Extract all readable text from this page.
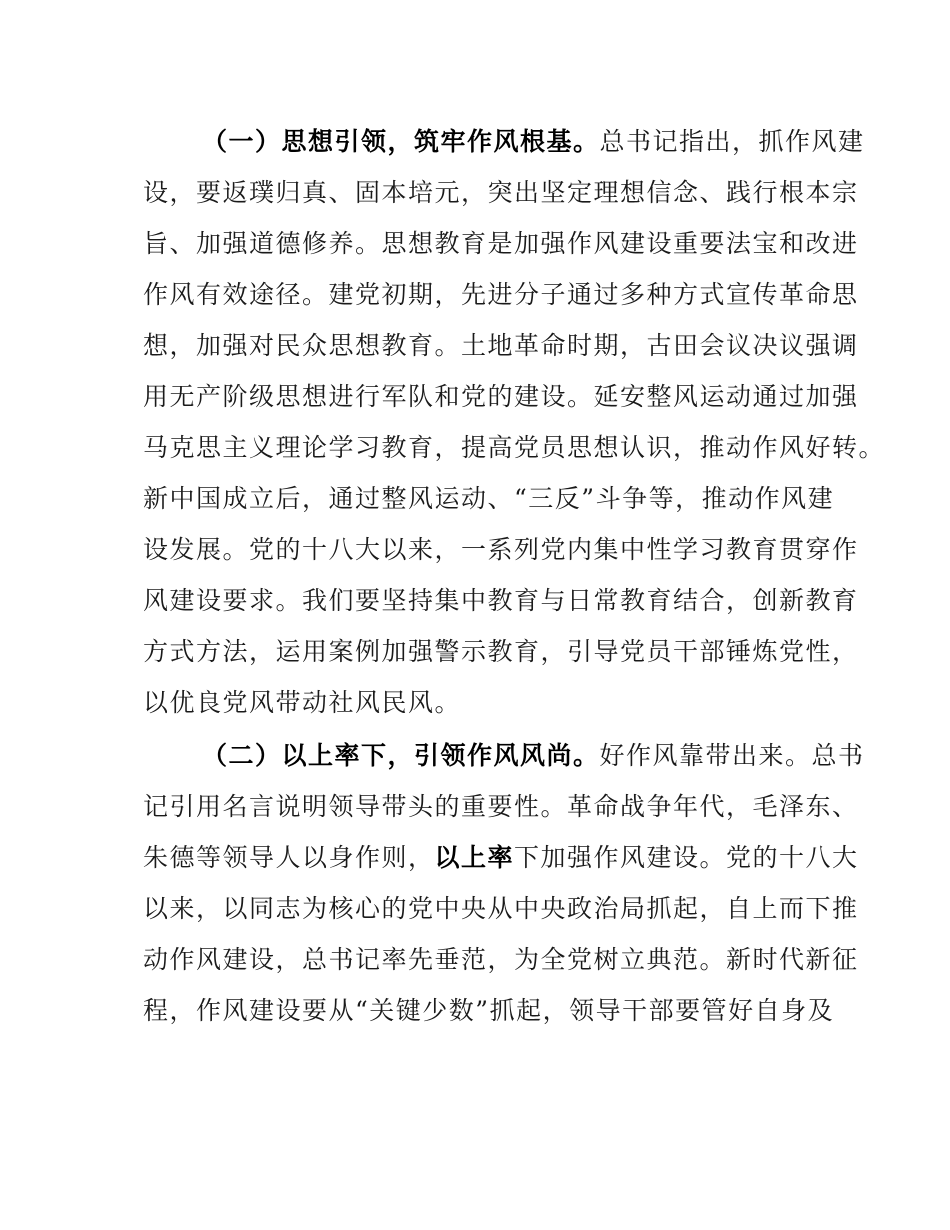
（一）思想引领，筑牢作风根基。总书记指出，抓作风建
设，要返璞归真、固本培元，突出坚定理想信念、践行根本宗
旨、加强道德修养。思想教育是加强作风建设重要法宝和改进
作风有效途径。建党初期，先进分子通过多种方式宣传革命思
想，加强对民众思想教育。土地革命时期，古田会议决议强调
用无产阶级思想进行军队和党的建设。延安整风运动通过加强
马克思主义理论学习教育，提高党员思想认识，推动作风好转。
新中国成立后，通过整风运动、“三反”斗争等，推动作风建
设发展。党的十八大以来，一系列党内集中性学习教育贯穿作
风建设要求。我们要坚持集中教育与日常教育结合，创新教育
方式方法，运用案例加强警示教育，引导党员干部锤炼党性，
以优良党风带动社风民风。
（二）以上率下，引领作风风尚。好作风靠带出来。总书
记引用名言说明领导带头的重要性。革命战争年代，毛泽东、
朱德等领导人以身作则，以上率下加强作风建设。党的十八大
以来，以同志为核心的党中央从中央政治局抓起，自上而下推
动作风建设，总书记率先垂范，为全党树立典范。新时代新征
程，作风建设要从“关键少数”抓起，领导干部要管好自身及
